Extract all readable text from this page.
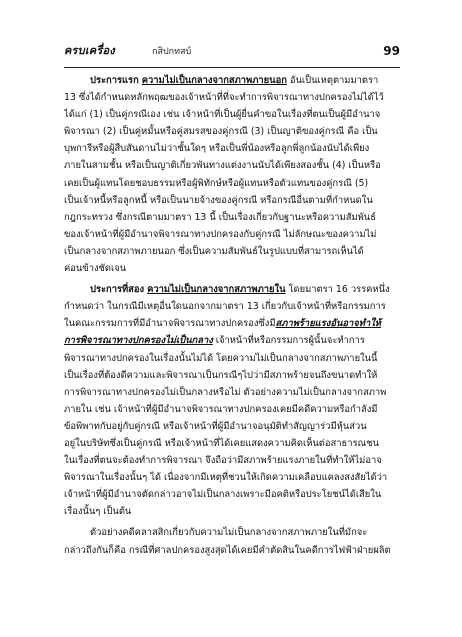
ครบเครื่อง	กสิปกทสบ์	99

ประการแรก ความไม่เป็นกลางจากสภาพภายนอก อันเป็นเหตุตามมาตรา
13 ซึ่งได้กำหนดหลักพฤฒของเจ้าหน้าที่ที่จะทำการพิจารณาทางปกครองไม่ได้ไว้
ได้แก่ (1) เป็นคู่กรณีเอง เช่น เจ้าหน้าที่เป็นผู้ยื่นคำขอในเรื่องที่ตนเป็นผู้มีอำนาจ
พิจารณา (2) เป็นคู่หมั้นหรือคู่สมรสของคู่กรณี (3) เป็นญาติของคู่กรณี คือ เป็น
บุพการีหรือผู้สืบสันดานไม่ว่าชั้นใดๆ หรือเป็นพี่น้องหรือลูกพี่ลูกน้องนับได้เพียง
ภายในสามชั้น หรือเป็นญาติเกี่ยวพันทางแต่งงานนับได้เพียงสองชั้น (4) เป็นหรือ
เคยเป็นผู้แทนโดยชอบธรรมหรือผู้พิทักษ์หรือผู้แทนหรือตัวแทนของคู่กรณี (5)
เป็นเจ้าหนี้หรือลูกหนี้ หรือเป็นนายจ้างของคู่กรณี หรือกรณีอื่นตามที่กำหนดใน
กฎกระทรวง ซึ่งกรณีตามมาตรา 13 นี้ เป็นเรื่องเกี่ยวกับฐานะหรือความสัมพันธ์
ของเจ้าหน้าที่ผู้มีอำนาจพิจารณาทางปกครองกับคู่กรณี ไม่ลักษณะของความไม่
เป็นกลางจากสภาพภายนอก ซึ่งเป็นความสัมพันธ์ในรูปแบบที่สามารถเห็นได้
ค่อนข้างชัดเจน

ประการที่สอง ความไม่เป็นกลางจากสภาพภายใน โดยมาตรา 16 วรรคหนึ่ง
กำหนดว่า ในกรณีมีเหตุอื่นใดนอกจากมาตรา 13 เกี่ยวกับเจ้าหน้าที่หรือกรรมการ
ในคณะกรรมการที่มีอำนาจพิจารณาทางปกครองซึ่งมีสภาพร้ายแรงอันอาจทำให้
การพิจารณาทางปกครองไม่เป็นกลาง เจ้าหน้าที่หรือกรรมการผู้นั้นจะทำการ
พิจารณาทางปกครองในเรื่องนั้นไม่ได้ โดยความไม่เป็นกลางจากสภาพภายในนี้
เป็นเรื่องที่ต้องดีความและพิจารณาเป็นกรณีๆไปว่ามีสภาพร้ายจนถึงขนาดทำให้
การพิจารณาทางปกครองไม่เป็นกลางหรือไม่ ตัวอย่างความไม่เป็นกลางจากสภาพ
ภายใน เช่น เจ้าหน้าที่ผู้มีอำนาจพิจารณาทางปกครองเคยมีคดีความหรือกำลังมี
ข้อพิพาทกับอยู่กับคู่กรณี หรือเจ้าหน้าที่ผู้มีอำนาจอนุมัติทำสัญญาร่วมีหุ้นส่วน
อยู่ในบริษัทซึ่งเป็นคู่กรณี หรือเจ้าหน้าที่ได้เคยแสดงความคิดเห็นต่อสาธารณชน
ในเรื่องที่ตนจะต้องทำการพิจารณา จึงถือว่ามีสภาพร้ายแรงภายในที่ทำให้ไม่อาจ
พิจารณาในเรื่องนั้นๆ ได้ เนื่องจากมีเหตุที่ชวนให้เกิดความเคลือบแคลงสงสัยได้ว่า
เจ้าหน้าที่ผู้มีอำนาจตัดกล่าวอาจไม่เป็นกลางเพราะมีอคติหรือประโยชน์ได้เสียใน
เรื่องนั้นๆ เป็นต้น

ตัวอย่างคดีคลาสสิกเกี่ยวกับความไม่เป็นกลางจากสภาพภายในที่มักจะ
กล่าวถึงกันก็คือ กรณีที่ศาลปกครองสูงสุดได้เคยมีคำตัดสินในคดีการไฟฟ้าฝ่ายผลิต
